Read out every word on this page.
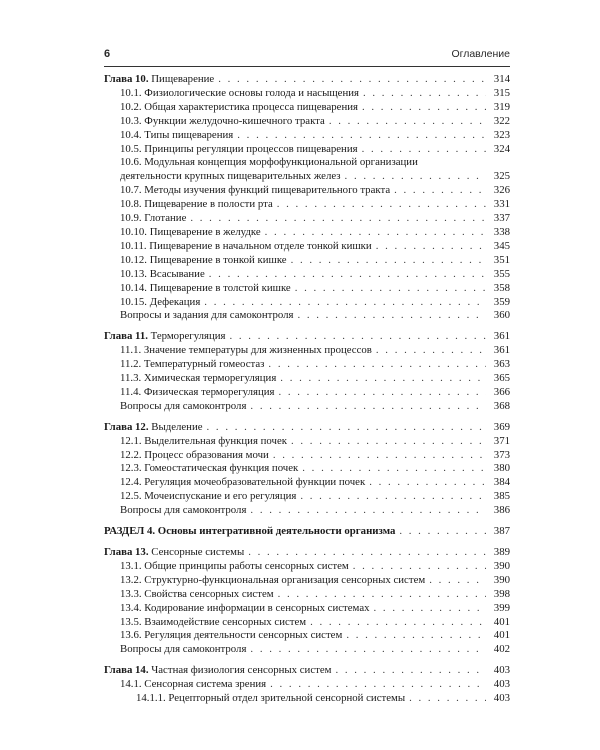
6	Оглавление
Глава 10. Пищеварение . . .	314
10.1. Физиологические основы голода и насыщения . . .	315
10.2. Общая характеристика процесса пищеварения . . .	319
10.3. Функции желудочно-кишечного тракта . . .	322
10.4. Типы пищеварения . . .	323
10.5. Принципы регуляции процессов пищеварения . . .	324
10.6. Модульная концепция морфофункциональной организации
деятельности крупных пищеварительных желез . . .	325
10.7. Методы изучения функций пищеварительного тракта . . .	326
10.8. Пищеварение в полости рта . . .	331
10.9. Глотание . . .	337
10.10. Пищеварение в желудке . . .	338
10.11. Пищеварение в начальном отделе тонкой кишки . . .	345
10.12. Пищеварение в тонкой кишке . . .	351
10.13. Всасывание . . .	355
10.14. Пищеварение в толстой кишке . . .	358
10.15. Дефекация . . .	359
Вопросы и задания для самоконтроля . . .	360
Глава 11. Терморегуляция . . .	361
11.1. Значение температуры для жизненных процессов . . .	361
11.2. Температурный гомеостаз . . .	363
11.3. Химическая терморегуляция . . .	365
11.4. Физическая терморегуляция . . .	366
Вопросы для самоконтроля . . .	368
Глава 12. Выделение . . .	369
12.1. Выделительная функция почек . . .	371
12.2. Процесс образования мочи . . .	373
12.3. Гомеостатическая функция почек . . .	380
12.4. Регуляция мочеобразовательной функции почек . . .	384
12.5. Мочеиспускание и его регуляция . . .	385
Вопросы для самоконтроля . . .	386
РАЗДЕЛ 4. Основы интегративной деятельности организма . . .	387
Глава 13. Сенсорные системы . . .	389
13.1. Общие принципы работы сенсорных систем . . .	390
13.2. Структурно-функциональная организация сенсорных систем . . .	390
13.3. Свойства сенсорных систем . . .	398
13.4. Кодирование информации в сенсорных системах . . .	399
13.5. Взаимодействие сенсорных систем . . .	401
13.6. Регуляция деятельности сенсорных систем . . .	401
Вопросы для самоконтроля . . .	402
Глава 14. Частная физиология сенсорных систем . . .	403
14.1. Сенсорная система зрения . . .	403
14.1.1. Рецепторный отдел зрительной сенсорной системы . . .	403
